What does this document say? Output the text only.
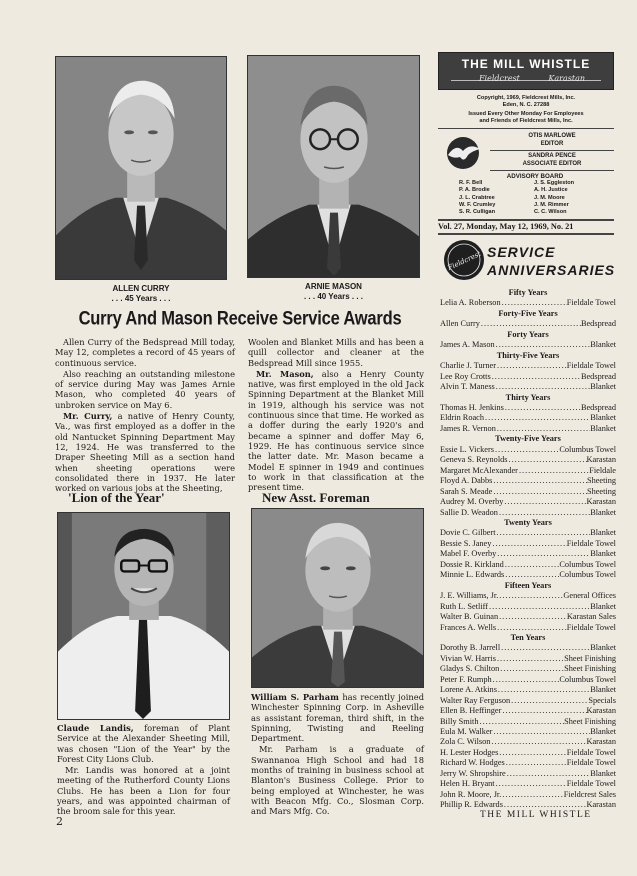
ALLEN CURRY
. . . 45 Years . . .
ARNIE MASON
. . . 40 Years . . .
Curry And Mason Receive Service Awards

Allen Curry of the Bedspread Mill today, May 12, completes a record of 45 years of continuous service.

Also reaching an outstanding milestone of service during May was James Arnie Mason, who completed 40 years of unbroken service on May 6.

Mr. Curry, a native of Henry County, Va., was first employed as a doffer in the old Nantucket Spinning Department May 12, 1924. He was transferred to the Draper Sheeting Mill as a section hand when sheeting operations were consolidated there in 1937. He later worked on various jobs at the Sheeting,

Woolen and Blanket Mills and has been a quill collector and cleaner at the Bedspread Mill since 1955.

Mr. Mason, also a Henry County native, was first employed in the old Jack Spinning Department at the Blanket Mill in 1919, although his service was not continuous since that time. He worked as a doffer during the early 1920's and became a spinner and doffer May 6, 1929. He has continuous service since the latter date. Mr. Mason became a Model E spinner in 1949 and continues to work in that classification at the present time.

'Lion of the Year'	New Asst. Foreman

Claude Landis, foreman of Plant Service at the Alexander Sheeting Mill, was chosen "Lion of the Year" by the Forest City Lions Club.

Mr. Landis was honored at a joint meeting of the Rutherford County Lions Clubs. He has been a Lion for four years, and was appointed chairman of the broom sale for this year.

William S. Parham has recently joined Winchester Spinning Corp. in Asheville as assistant foreman, third shift, in the Spinning, Twisting and Reeling Department.

Mr. Parham is a graduate of Swannanoa High School and had 18 months of training in business school at Blanton's Business College. Prior to being employed at Winchester, he was with Beacon Mfg. Co., Slosman Corp. and Mars Mfg. Co.

THE MILL WHISTLE
Fieldcrest	Karastan
Copyright, 1969, Fieldcrest Mills, Inc.
Eden, N. C. 27288
Issued Every Other Monday For Employees
and Friends of Fieldcrest Mills, Inc.
OTIS MARLOWE
EDITOR
SANDRA PENCE
ASSOCIATE EDITOR
ADVISORY BOARD
R. F. Bell
P. A. Brodie
J. L. Crabtree
W. F. Crumley
S. R. Culligan
J. S. Eggleston
A. H. Justice
J. M. Moore
J. M. Rimmer
C. C. Wilson
Vol. 27, Monday, May 12, 1969, No. 21
Fieldcrest SERVICE
ANNIVERSARIES
Fifty Years
Lelia A. Roberson .....	Fieldale Towel
Forty-Five Years
Allen Curry .....	Bedspread
Forty Years
James A. Mason .....	Blanket
Thirty-Five Years
Charlie J. Turner .....	Fieldale Towel
Lee Roy Crotts .....	Bedspread
Alvin T. Maness .....	Blanket
Thirty Years
Thomas H. Jenkins .....	Bedspread
Eldrin Roach .....	Blanket
James R. Vernon .....	Blanket
Twenty-Five Years
Essie L. Vickers .....	Columbus Towel
Geneva S. Reynolds .....	Karastan
Margaret McAlexander .....	Fieldale
Floyd A. Dabbs .....	Sheeting
Sarah S. Meade .....	Sheeting
Audrey M. Overby .....	Karastan
Sallie D. Weadon .....	Blanket
Twenty Years
Dovie C. Gilbert .....	Blanket
Bessie S. Janey .....	Fieldale Towel
Mabel F. Overby .....	Blanket
Dossie R. Kirkland .....	Columbus Towel
Minnie L. Edwards .....	Columbus Towel
Fifteen Years
J. E. Williams, Jr. .....	General Offices
Ruth L. Setliff .....	Blanket
Walter B. Guinan .....	Karastan Sales
Frances A. Wells .....	Fieldale Towel
Ten Years
Dorothy B. Jarrell .....	Blanket
Vivian W. Harris .....	Sheet Finishing
Gladys S. Chilton .....	Sheet Finishing
Peter F. Rumph .....	Columbus Towel
Lorene A. Atkins .....	Blanket
Walter Ray Ferguson .....	Specials
Ellen B. Heffinger .....	Karastan
Billy Smith .....	Sheet Finishing
Eula M. Walker .....	Blanket
Zola C. Wilson .....	Karastan
H. Lester Hodges .....	Fieldale Towel
Richard W. Hodges .....	Fieldale Towel
Jerry W. Shropshire .....	Blanket
Helen H. Bryant .....	Fieldale Towel
John R. Moore, Jr. .....	Fieldcrest Sales
Phillip R. Edwards .....	Karastan
2	THE MILL WHISTLE
